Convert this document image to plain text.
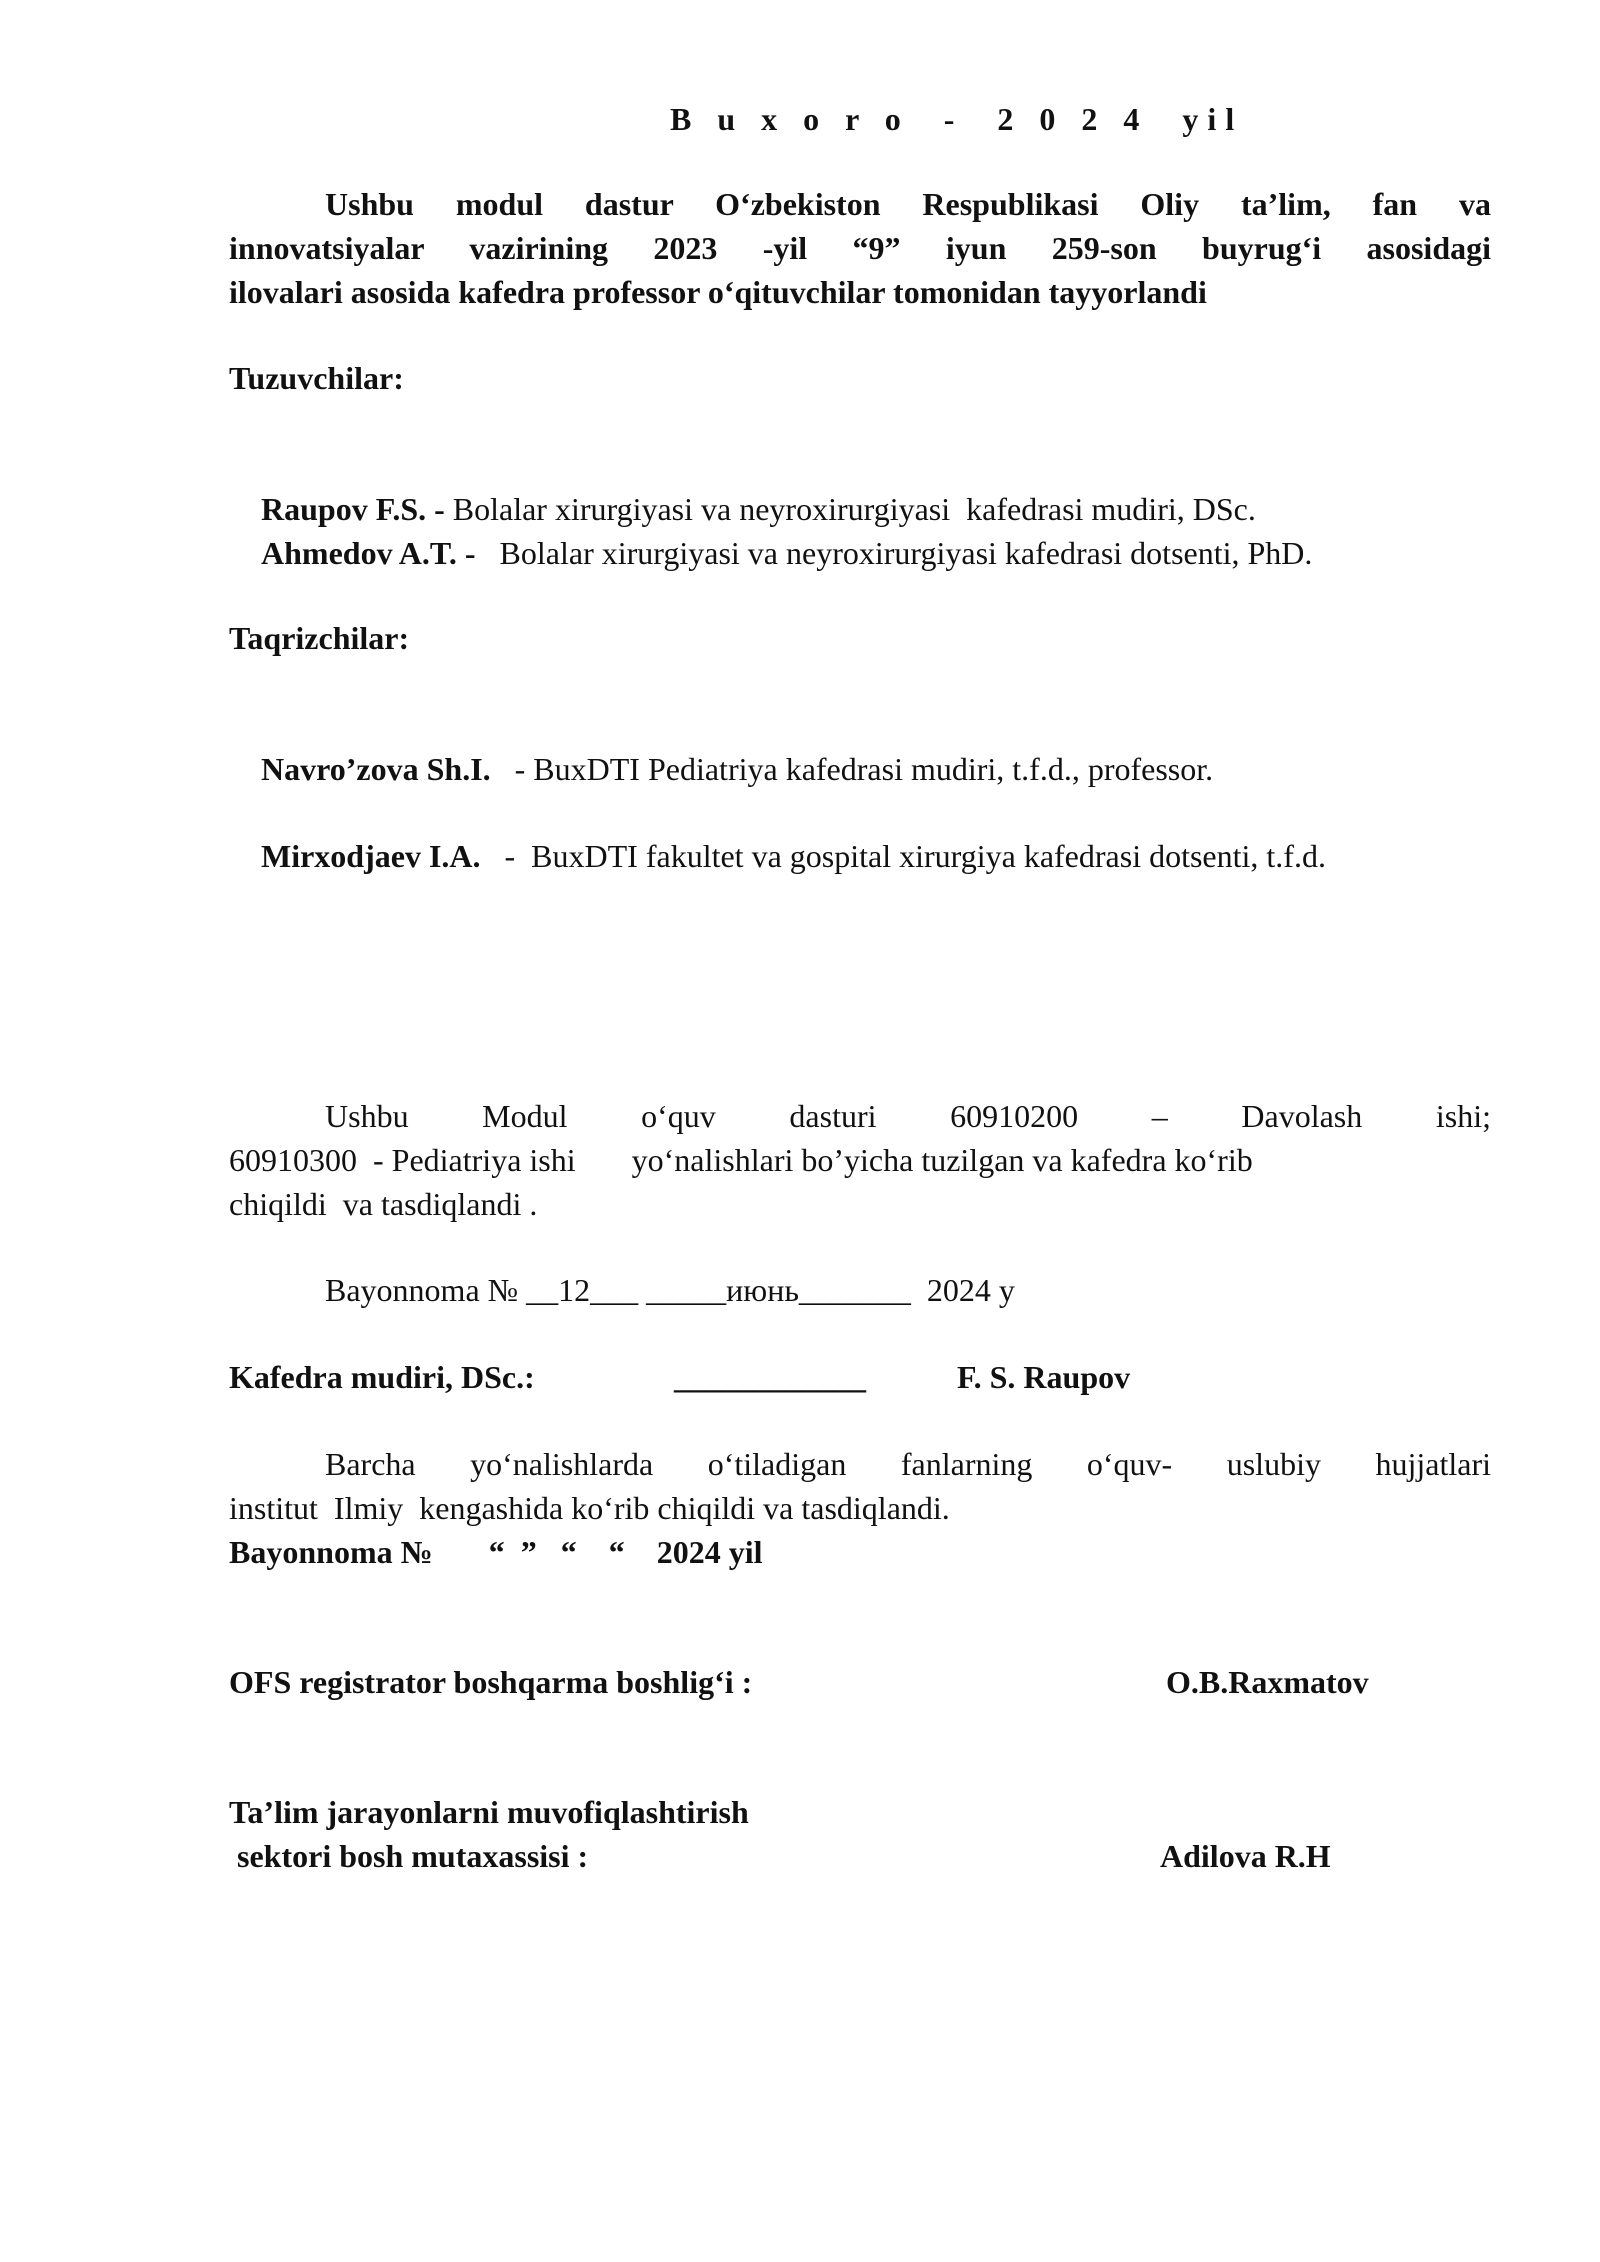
B u x o r o  -  2 0 2 4  yil
Ushbu modul dastur O‘zbekiston Respublikasi Oliy ta’lim, fan va
innovatsiyalar vazirining 2023 -yil “9” iyun 259-son buyrug‘i asosidagi
ilovalari asosida kafedra professor o‘qituvchilar tomonidan tayyorlandi
Tuzuvchilar:

Raupov F.S. - Bolalar xirurgiyasi va neyroxirurgiyasi  kafedrasi mudiri, DSc.

Ahmedov A.T. -   Bolalar xirurgiyasi va neyroxirurgiyasi kafedrasi dotsenti, PhD.

Taqrizchilar:

Navro’zova Sh.I.   - BuxDTI Pediatriya kafedrasi mudiri, t.f.d., professor.

Mirxodjaev I.A.   -  BuxDTI fakultet va gospital xirurgiya kafedrasi dotsenti, t.f.d.

Ushbu Modul o‘quv dasturi 60910200 – Davolash ishi;
60910300  - Pediatriya ishi       yo‘nalishlari bo’yicha tuzilgan va kafedra ko‘rib
chiqildi  va tasdiqlandi .
Bayonnoma № __12___ _____июнь_______  2024 y
Kafedra mudiri, DSc.:	____________	F. S. Raupov
Barcha yo‘nalishlarda o‘tiladigan fanlarning o‘quv- uslubiy hujjatlari
institut  Ilmiy  kengashida ko‘rib chiqildi va tasdiqlandi.
Bayonnoma №       “  ”   “    “    2024 yil
OFS registrator boshqarma boshlig‘i :	O.B.Raxmatov
Ta’lim jarayonlarni muvofiqlashtirish
sektori bosh mutaxassisi :	Adilova R.H
